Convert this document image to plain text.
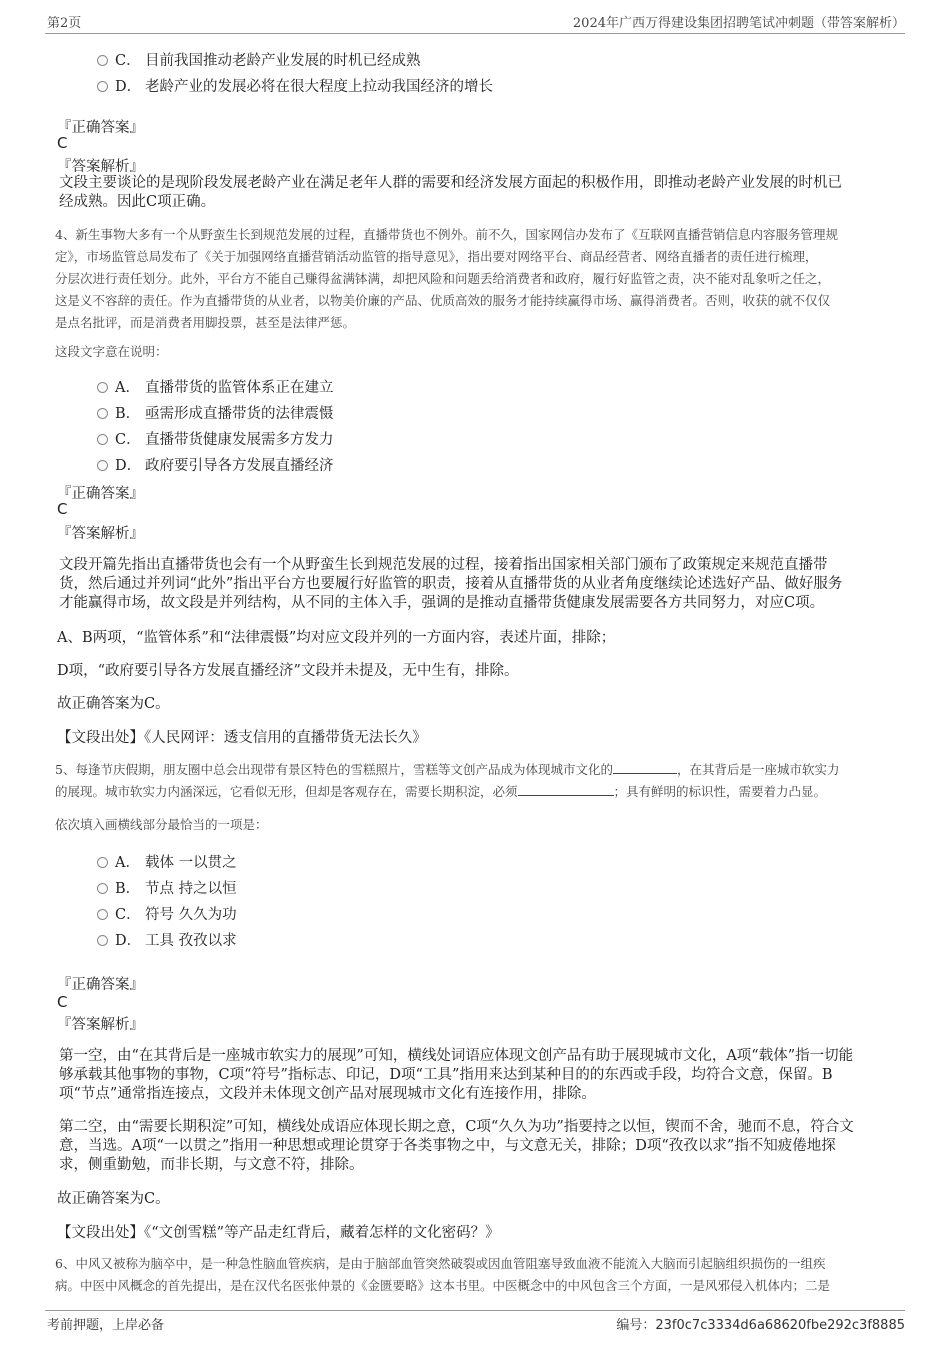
第2页	2024年广西万得建设集团招聘笔试冲刺题（带答案解析）
C． 目前我国推动老龄产业发展的时机已经成熟
D． 老龄产业的发展必将在很大程度上拉动我国经济的增长
『正确答案』
C
『答案解析』
文段主要谈论的是现阶段发展老龄产业在满足老年人群的需要和经济发展方面起的积极作用，即推动老龄产业发展的时机已
经成熟。因此C项正确。
4、新生事物大多有一个从野蛮生长到规范发展的过程，直播带货也不例外。前不久，国家网信办发布了《互联网直播营销信息内容服务管理规
定》，市场监管总局发布了《关于加强网络直播营销活动监管的指导意见》，指出要对网络平台、商品经营者、网络直播者的责任进行梳理，
分层次进行责任划分。此外，平台方不能自己赚得盆满钵满，却把风险和问题丢给消费者和政府，履行好监管之责，决不能对乱象听之任之，
这是义不容辞的责任。作为直播带货的从业者，以物美价廉的产品、优质高效的服务才能持续赢得市场、赢得消费者。否则，收获的就不仅仅
是点名批评，而是消费者用脚投票，甚至是法律严惩。
这段文字意在说明：
A． 直播带货的监管体系正在建立
B． 亟需形成直播带货的法律震慑
C． 直播带货健康发展需多方发力
D． 政府要引导各方发展直播经济
『正确答案』
C
『答案解析』
文段开篇先指出直播带货也会有一个从野蛮生长到规范发展的过程，接着指出国家相关部门颁布了政策规定来规范直播带
货，然后通过并列词“此外”指出平台方也要履行好监管的职责，接着从直播带货的从业者角度继续论述选好产品、做好服务
才能赢得市场，故文段是并列结构，从不同的主体入手，强调的是推动直播带货健康发展需要各方共同努力，对应C项。
A、B两项，“监管体系”和“法律震慑”均对应文段并列的一方面内容，表述片面，排除；
D项，“政府要引导各方发展直播经济”文段并未提及，无中生有，排除。
故正确答案为C。
【文段出处】《人民网评：透支信用的直播带货无法长久》
5、每逢节庆假期，朋友圈中总会出现带有景区特色的雪糕照片，雪糕等文创产品成为体现城市文化的	，在其背后是一座城市软实力
的展现。城市软实力内涵深远，它看似无形，但却是客观存在，需要长期积淀，必须	；具有鲜明的标识性，需要着力凸显。
依次填入画横线部分最恰当的一项是：
A． 载体 一以贯之
B． 节点 持之以恒
C． 符号 久久为功
D． 工具 孜孜以求
『正确答案』
C
『答案解析』
第一空，由“在其背后是一座城市软实力的展现”可知，横线处词语应体现文创产品有助于展现城市文化，A项“载体”指一切能
够承载其他事物的事物，C项“符号”指标志、印记，D项“工具”指用来达到某种目的的东西或手段，均符合文意，保留。B
项“节点”通常指连接点，文段并未体现文创产品对展现城市文化有连接作用，排除。
第二空，由“需要长期积淀”可知，横线处成语应体现长期之意，C项“久久为功”指要持之以恒，锲而不舍，驰而不息，符合文
意，当选。A项“一以贯之”指用一种思想或理论贯穿于各类事物之中，与文意无关，排除；D项“孜孜以求”指不知疲倦地探
求，侧重勤勉，而非长期，与文意不符，排除。
故正确答案为C。
【文段出处】《“文创雪糕”等产品走红背后，藏着怎样的文化密码？》
6、中风又被称为脑卒中，是一种急性脑血管疾病，是由于脑部血管突然破裂或因血管阻塞导致血液不能流入大脑而引起脑组织损伤的一组疾
病。中医中风概念的首先提出，是在汉代名医张仲景的《金匮要略》这本书里。中医概念中的中风包含三个方面，一是风邪侵入机体内；二是
考前押题，上岸必备	编号：23f0c7c3334d6a68620fbe292c3f8885
